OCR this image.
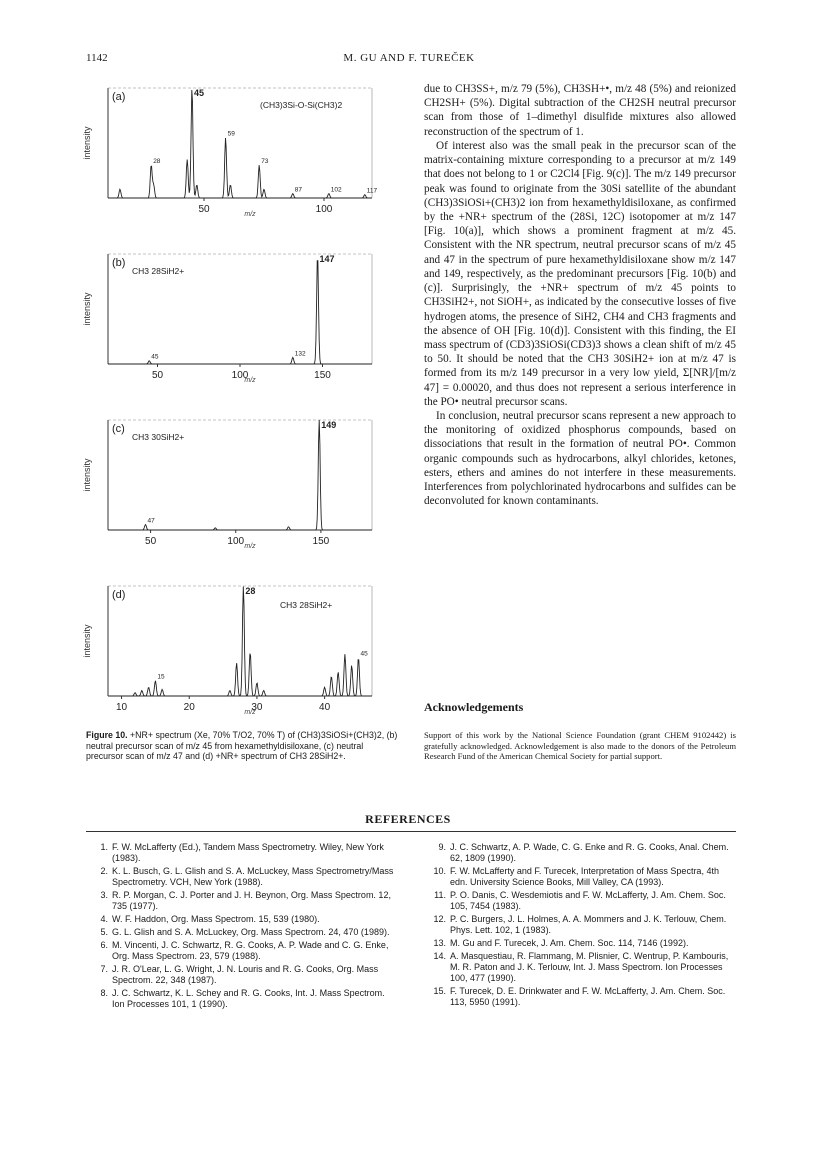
1142	M. GU AND F. TUREČEK
28
45
59
73
87	102	117
50	100
m/z
intensity
(a)
(CH3)3Si-O-Si(CH3)2
45	132
147
50	100	150
m/z
intensity
(b)
CH3 28SiH2+
47
149
50	100	150
m/z
intensity
(c)
CH3 30SiH2+
15
28
45
10	20	30	40
m/z
intensity
(d)
CH3 28SiH2+
Figure 10. +NR+ spectrum (Xe, 70% T/O2, 70% T) of (CH3)3SiOSi+(CH3)2, (b) neutral precursor scan of m/z 45 from hexamethyldisiloxane, (c) neutral precursor scan of m/z 47 and (d) +NR+ spectrum of CH3 28SiH2+.

due to CH3SS+, m/z 79 (5%), CH3SH+•, m/z 48 (5%) and reionized CH2SH+ (5%). Digital subtraction of the CH2SH neutral precursor scan from those of 1–dimethyl disulfide mixtures also allowed reconstruction of the spectrum of 1.

Of interest also was the small peak in the precursor scan of the matrix-containing mixture corresponding to a precursor at m/z 149 that does not belong to 1 or C2Cl4 [Fig. 9(c)]. The m/z 149 precursor peak was found to originate from the 30Si satellite of the abundant (CH3)3SiOSi+(CH3)2 ion from hexamethyldisiloxane, as confirmed by the +NR+ spectrum of the (28Si, 12C) isotopomer at m/z 147 [Fig. 10(a)], which shows a prominent fragment at m/z 45. Consistent with the NR spectrum, neutral precursor scans of m/z 45 and 47 in the spectrum of pure hexamethyldisiloxane show m/z 147 and 149, respectively, as the predominant precursors [Fig. 10(b) and (c)]. Surprisingly, the +NR+ spectrum of m/z 45 points to CH3SiH2+, not SiOH+, as indicated by the consecutive losses of five hydrogen atoms, the presence of SiH2, CH4 and CH3 fragments and the absence of OH [Fig. 10(d)]. Consistent with this finding, the EI mass spectrum of (CD3)3SiOSi(CD3)3 shows a clean shift of m/z 45 to 50. It should be noted that the CH3 30SiH2+ ion at m/z 47 is formed from its m/z 149 precursor in a very low yield, Σ[NR]/[m/z 47] = 0.00020, and thus does not represent a serious interference in the PO• neutral precursor scans.

In conclusion, neutral precursor scans represent a new approach to the monitoring of oxidized phosphorus compounds, based on dissociations that result in the formation of neutral PO•. Common organic compounds such as hydrocarbons, alkyl chlorides, ketones, esters, ethers and amines do not interfere in these measurements. Interferences from polychlorinated hydrocarbons and sulfides can be deconvoluted for known contaminants.

Acknowledgements
Support of this work by the National Science Foundation (grant CHEM 9102442) is gratefully acknowledged. Acknowledgement is also made to the donors of the Petroleum Research Fund of the American Chemical Society for partial support.
REFERENCES
1. F. W. McLafferty (Ed.), Tandem Mass Spectrometry. Wiley, New York (1983).
2. K. L. Busch, G. L. Glish and S. A. McLuckey, Mass Spectrometry/Mass Spectrometry. VCH, New York (1988).
3. R. P. Morgan, C. J. Porter and J. H. Beynon, Org. Mass Spectrom. 12, 735 (1977).
4. W. F. Haddon, Org. Mass Spectrom. 15, 539 (1980).
5. G. L. Glish and S. A. McLuckey, Org. Mass Spectrom. 24, 470 (1989).
6. M. Vincenti, J. C. Schwartz, R. G. Cooks, A. P. Wade and C. G. Enke, Org. Mass Spectrom. 23, 579 (1988).
7. J. R. O'Lear, L. G. Wright, J. N. Louris and R. G. Cooks, Org. Mass Spectrom. 22, 348 (1987).
8. J. C. Schwartz, K. L. Schey and R. G. Cooks, Int. J. Mass Spectrom. Ion Processes 101, 1 (1990).
9. J. C. Schwartz, A. P. Wade, C. G. Enke and R. G. Cooks, Anal. Chem. 62, 1809 (1990).
10. F. W. McLafferty and F. Turecek, Interpretation of Mass Spectra, 4th edn. University Science Books, Mill Valley, CA (1993).
11. P. O. Danis, C. Wesdemiotis and F. W. McLafferty, J. Am. Chem. Soc. 105, 7454 (1983).
12. P. C. Burgers, J. L. Holmes, A. A. Mommers and J. K. Terlouw, Chem. Phys. Lett. 102, 1 (1983).
13. M. Gu and F. Turecek, J. Am. Chem. Soc. 114, 7146 (1992).
14. A. Masquestiau, R. Flammang, M. Plisnier, C. Wentrup, P. Kambouris, M. R. Paton and J. K. Terlouw, Int. J. Mass Spectrom. Ion Processes 100, 477 (1990).
15. F. Turecek, D. E. Drinkwater and F. W. McLafferty, J. Am. Chem. Soc. 113, 5950 (1991).
